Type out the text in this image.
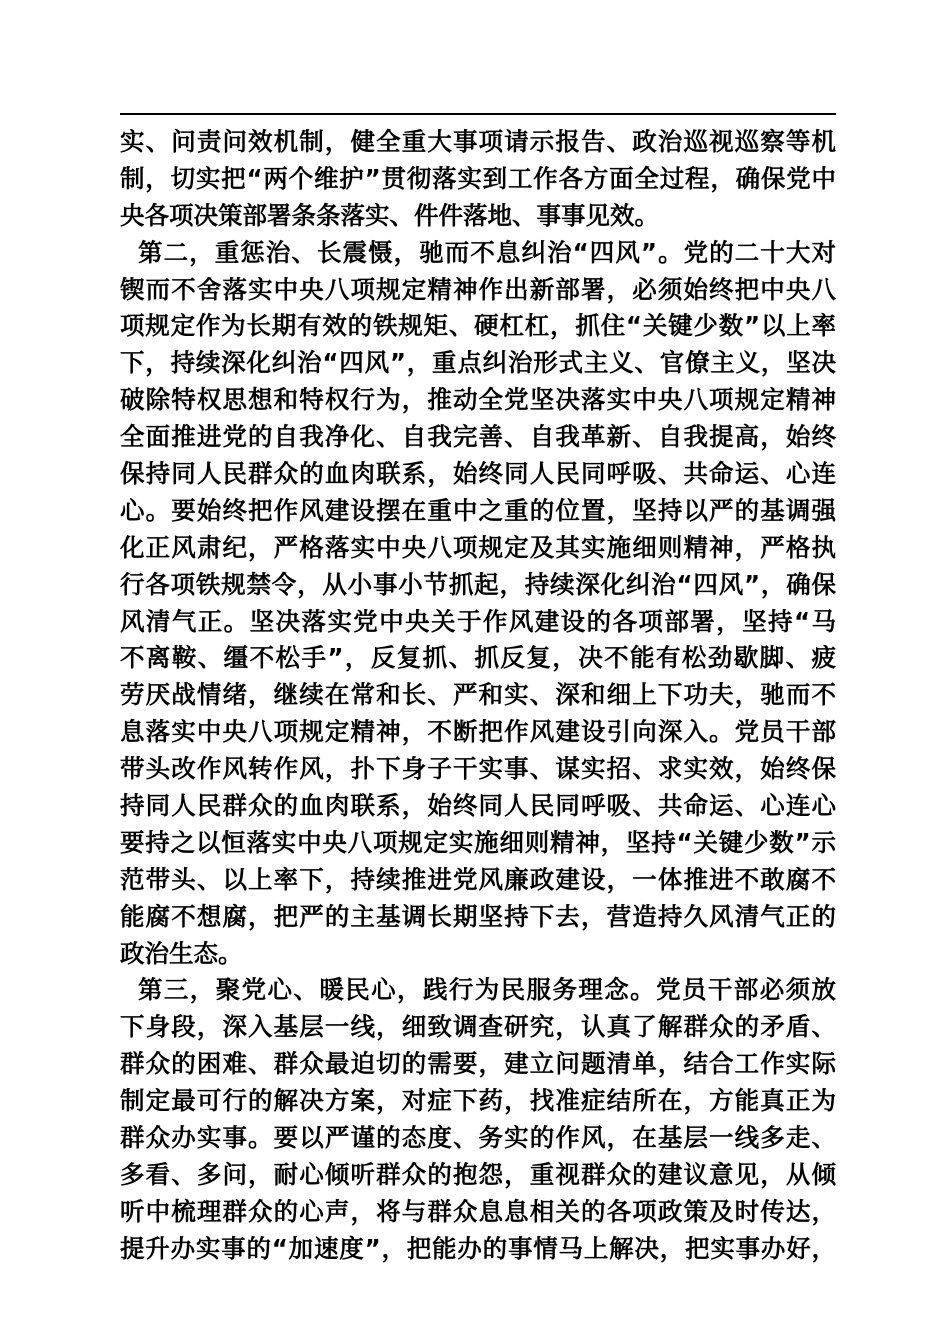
实、问责问效机制，健全重大事项请示报告、政治巡视巡察等机
制，切实把“两个维护”贯彻落实到工作各方面全过程，确保党中
央各项决策部署条条落实、件件落地、事事见效。
第二，重惩治、长震慑，驰而不息纠治“四风”。党的二十大对
锲而不舍落实中央八项规定精神作出新部署，必须始终把中央八
项规定作为长期有效的铁规矩、硬杠杠，抓住“关键少数”以上率
下，持续深化纠治“四风”，重点纠治形式主义、官僚主义，坚决
破除特权思想和特权行为，推动全党坚决落实中央八项规定精神
全面推进党的自我净化、自我完善、自我革新、自我提高，始终
保持同人民群众的血肉联系，始终同人民同呼吸、共命运、心连
心。要始终把作风建设摆在重中之重的位置，坚持以严的基调强
化正风肃纪，严格落实中央八项规定及其实施细则精神，严格执
行各项铁规禁令，从小事小节抓起，持续深化纠治“四风”，确保
风清气正。坚决落实党中央关于作风建设的各项部署，坚持“马
不离鞍、缰不松手”，反复抓、抓反复，决不能有松劲歇脚、疲
劳厌战情绪，继续在常和长、严和实、深和细上下功夫，驰而不
息落实中央八项规定精神，不断把作风建设引向深入。党员干部
带头改作风转作风，扑下身子干实事、谋实招、求实效，始终保
持同人民群众的血肉联系，始终同人民同呼吸、共命运、心连心
要持之以恒落实中央八项规定实施细则精神，坚持“关键少数”示
范带头、以上率下，持续推进党风廉政建设，一体推进不敢腐不
能腐不想腐，把严的主基调长期坚持下去，营造持久风清气正的
政治生态。
第三，聚党心、暖民心，践行为民服务理念。党员干部必须放
下身段，深入基层一线，细致调查研究，认真了解群众的矛盾、
群众的困难、群众最迫切的需要，建立问题清单，结合工作实际
制定最可行的解决方案，对症下药，找准症结所在，方能真正为
群众办实事。要以严谨的态度、务实的作风，在基层一线多走、
多看、多问，耐心倾听群众的抱怨，重视群众的建议意见，从倾
听中梳理群众的心声，将与群众息息相关的各项政策及时传达，
提升办实事的“加速度”，把能办的事情马上解决，把实事办好，
